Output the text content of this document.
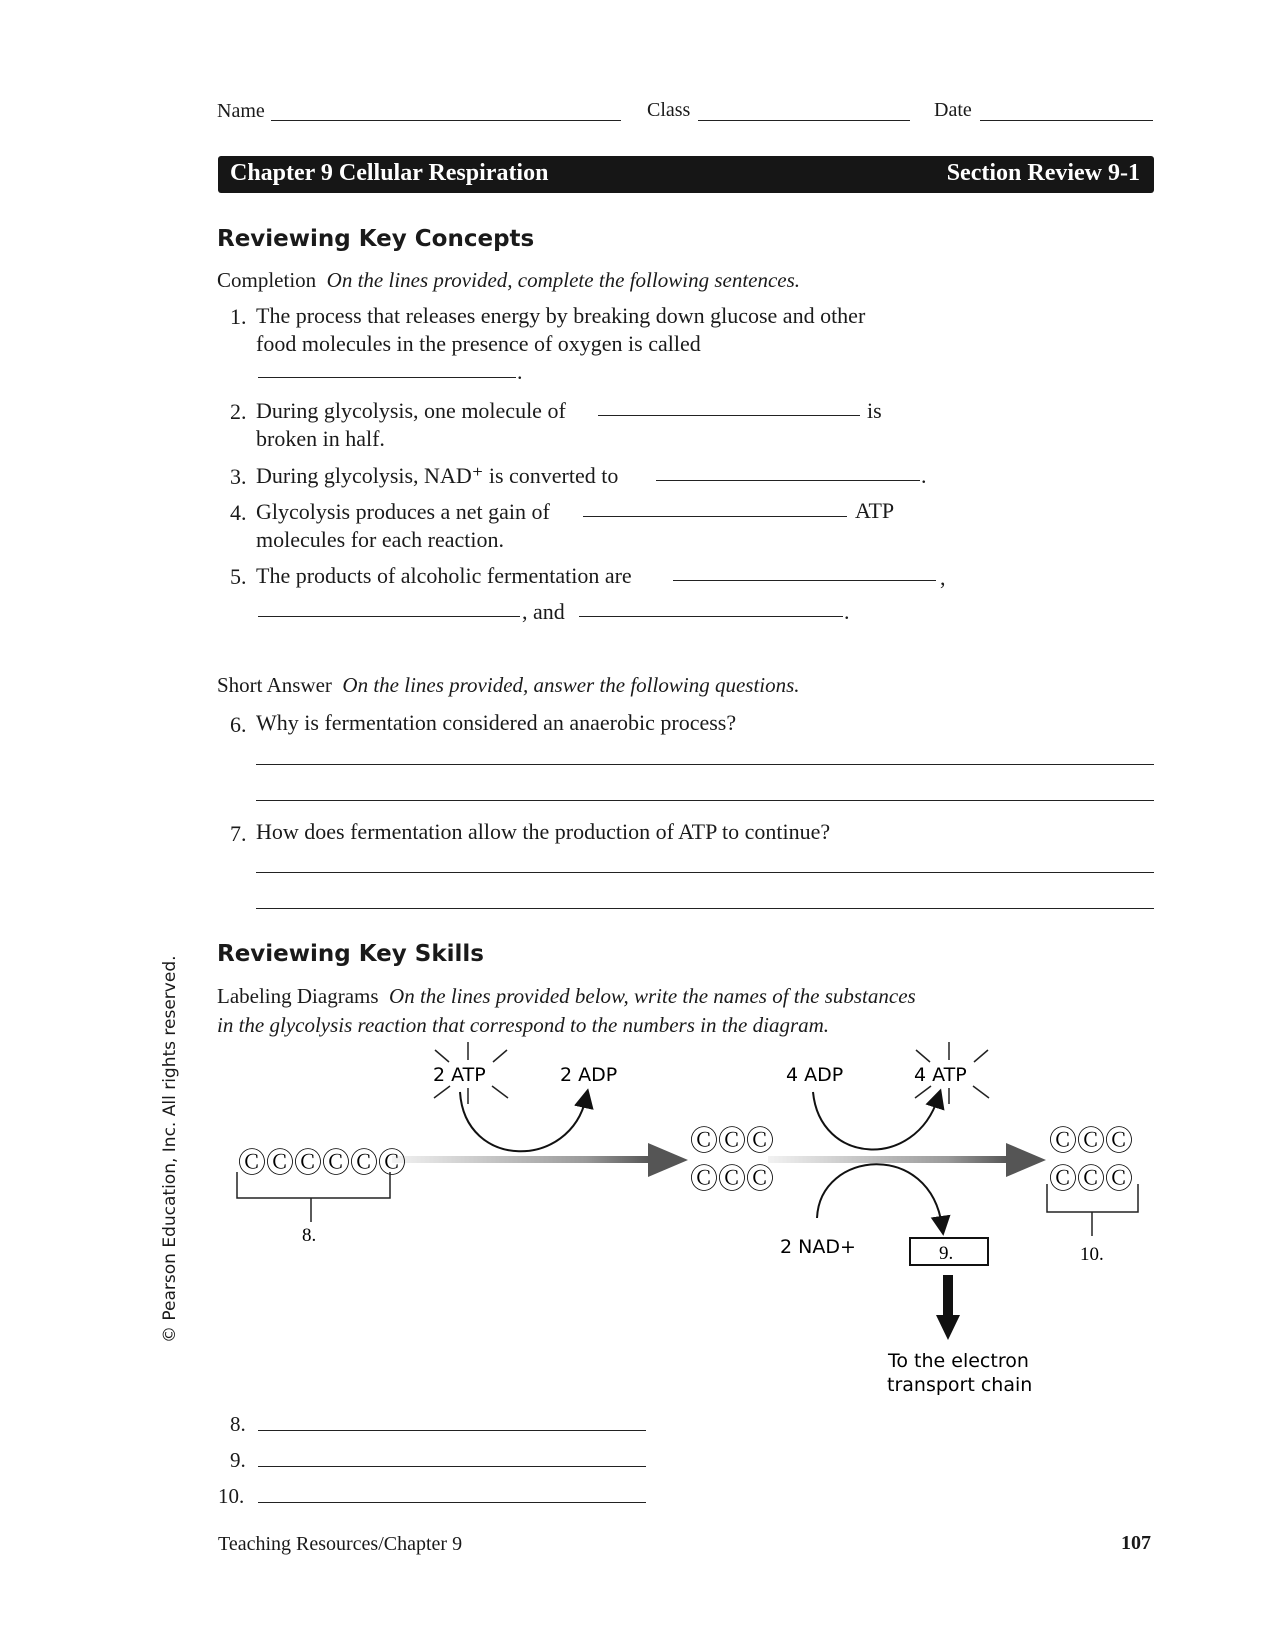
Name	Class	Date
Chapter 9 Cellular Respiration	Section Review 9-1
Reviewing Key Concepts
Completion On the lines provided, complete the following sentences.
1. The process that releases energy by breaking down glucose and other
food molecules in the presence of oxygen is called
.
2. During glycolysis, one molecule of	is
broken in half.
3. During glycolysis, NAD⁺ is converted to	.
4. Glycolysis produces a net gain of	ATP
molecules for each reaction.
5. The products of alcoholic fermentation are	,
, and	.
Short Answer On the lines provided, answer the following questions.
6. Why is fermentation considered an anaerobic process?
7. How does fermentation allow the production of ATP to continue?
Reviewing Key Skills
Labeling Diagrams On the lines provided below, write the names of the substances
in the glycolysis reaction that correspond to the numbers in the diagram.
ⒸⒸⒸⒸⒸⒸ
8.
2 ATP	2 ADP
ⒸⒸⒸ
ⒸⒸⒸ
4 ADP	4 ATP
2 NAD+	9.
To the electron
transport chain
ⒸⒸⒸ
ⒸⒸⒸ
10.
8.
9.
10.
Teaching Resources/Chapter 9	107
© Pearson Education, Inc. All rights reserved.
